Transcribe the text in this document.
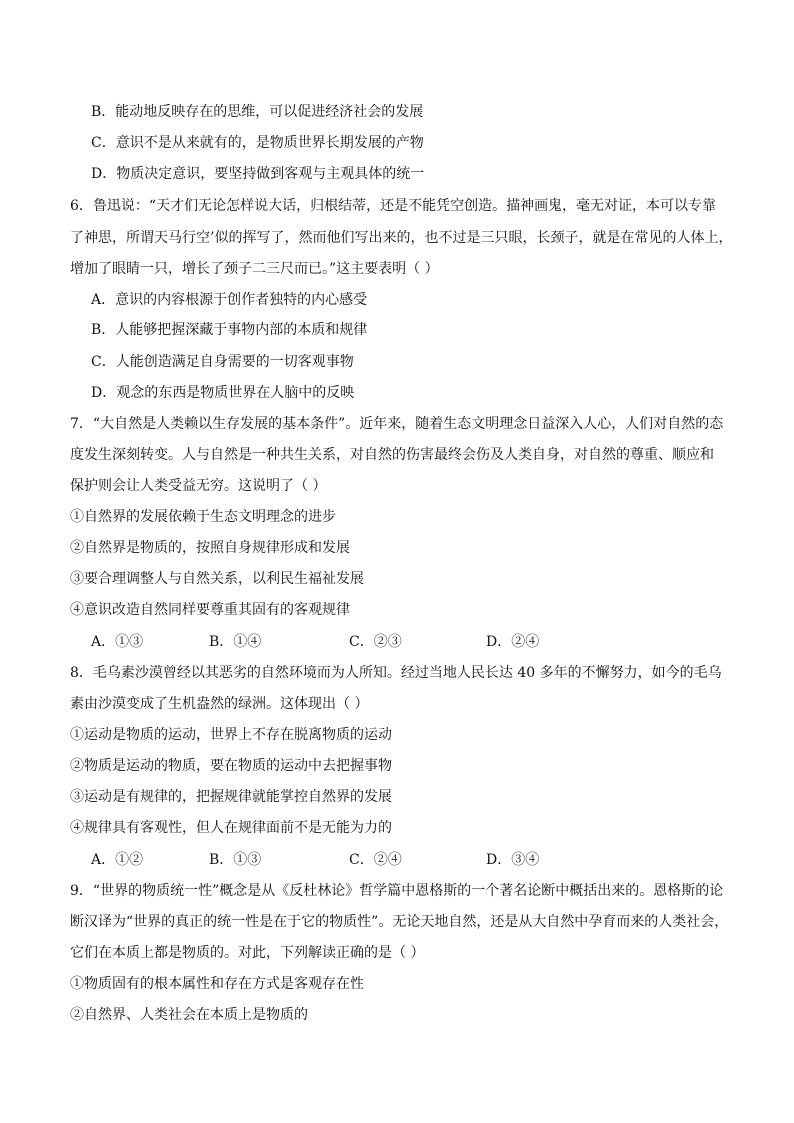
B．能动地反映存在的思维，可以促进经济社会的发展
C．意识不是从来就有的，是物质世界长期发展的产物
D．物质决定意识，要坚持做到客观与主观具体的统一
6．鲁迅说：“天才们无论怎样说大话，归根结蒂，还是不能凭空创造。描神画鬼，毫无对证，本可以专靠
了神思，所谓天马行空’似的挥写了，然而他们写出来的，也不过是三只眼，长颈子，就是在常见的人体上，
增加了眼睛一只，增长了颈子二三尺而已。”这主要表明（ ）
A．意识的内容根源于创作者独特的内心感受
B．人能够把握深藏于事物内部的本质和规律
C．人能创造满足自身需要的一切客观事物
D．观念的东西是物质世界在人脑中的反映
7．“大自然是人类赖以生存发展的基本条件”。近年来，随着生态文明理念日益深入人心，人们对自然的态
度发生深刻转变。人与自然是一种共生关系，对自然的伤害最终会伤及人类自身，对自然的尊重、顺应和
保护则会让人类受益无穷。这说明了（ ）
①自然界的发展依赖于生态文明理念的进步
②自然界是物质的，按照自身规律形成和发展
③要合理调整人与自然关系，以利民生福祉发展
④意识改造自然同样要尊重其固有的客观规律
A．①③	B．①④	C．②③	D．②④
8．毛乌素沙漠曾经以其恶劣的自然环境而为人所知。经过当地人民长达 40 多年的不懈努力，如今的毛乌
素由沙漠变成了生机盎然的绿洲。这体现出（ ）
①运动是物质的运动，世界上不存在脱离物质的运动
②物质是运动的物质，要在物质的运动中去把握事物
③运动是有规律的，把握规律就能掌控自然界的发展
④规律具有客观性，但人在规律面前不是无能为力的
A．①②	B．①③	C．②④	D．③④
9．“世界的物质统一性”概念是从《反杜林论》哲学篇中恩格斯的一个著名论断中概括出来的。恩格斯的论
断汉译为“世界的真正的统一性是在于它的物质性”。无论天地自然，还是从大自然中孕育而来的人类社会，
它们在本质上都是物质的。对此，下列解读正确的是（ ）
①物质固有的根本属性和存在方式是客观存在性
②自然界、人类社会在本质上是物质的
